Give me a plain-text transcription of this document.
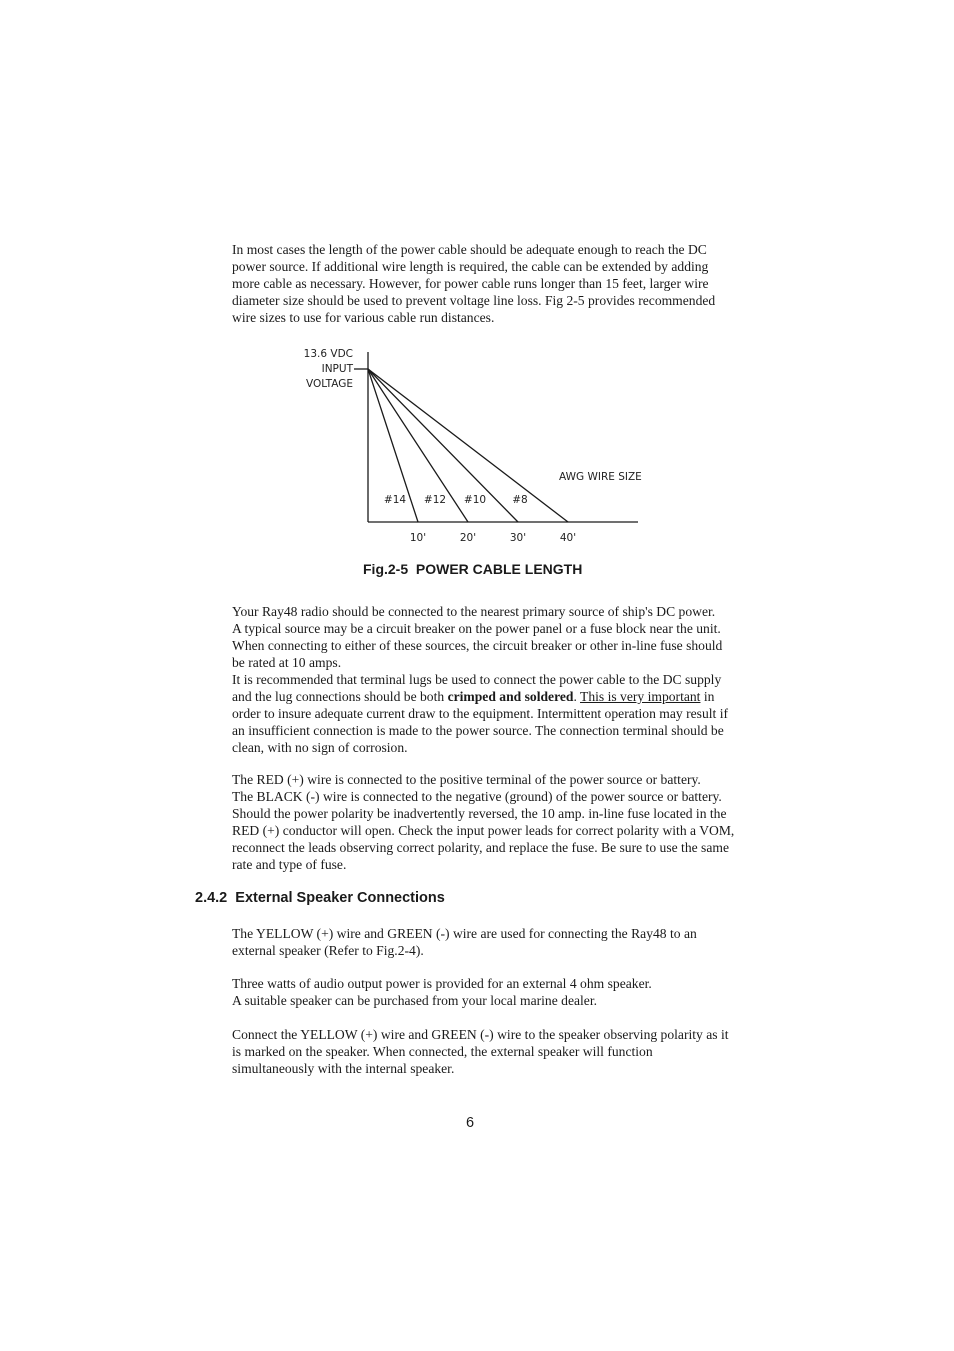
In most cases the length of the power cable should be adequate enough to reach the DC
power source. If additional wire length is required, the cable can be extended by adding
more cable as necessary. However, for power cable runs longer than 15 feet, larger wire
diameter size should be used to prevent voltage line loss. Fig 2-5 provides recommended
wire sizes to use for various cable run distances.
13.6 VDC
INPUT
VOLTAGE
AWG WIRE SIZE
#14 #12 #10 #8
10'	20'	30'	40'
Fig.2-5  POWER CABLE LENGTH
Your Ray48 radio should be connected to the nearest primary source of ship's DC power.
A typical source may be a circuit breaker on the power panel or a fuse block near the unit.
When connecting to either of these sources, the circuit breaker or other in-line fuse should
be rated at 10 amps.
It is recommended that terminal lugs be used to connect the power cable to the DC supply
and the lug connections should be both crimped and soldered. This is very important in
order to insure adequate current draw to the equipment. Intermittent operation may result if
an insufficient connection is made to the power source. The connection terminal should be
clean, with no sign of corrosion.
The RED (+) wire is connected to the positive terminal of the power source or battery.
The BLACK (-) wire is connected to the negative (ground) of the power source or battery.
Should the power polarity be inadvertently reversed, the 10 amp. in-line fuse located in the
RED (+) conductor will open. Check the input power leads for correct polarity with a VOM,
reconnect the leads observing correct polarity, and replace the fuse. Be sure to use the same
rate and type of fuse.
2.4.2  External Speaker Connections
The YELLOW (+) wire and GREEN (-) wire are used for connecting the Ray48 to an
external speaker (Refer to Fig.2-4).
Three watts of audio output power is provided for an external 4 ohm speaker.
A suitable speaker can be purchased from your local marine dealer.
Connect the YELLOW (+) wire and GREEN (-) wire to the speaker observing polarity as it
is marked on the speaker. When connected, the external speaker will function
simultaneously with the internal speaker.
6
